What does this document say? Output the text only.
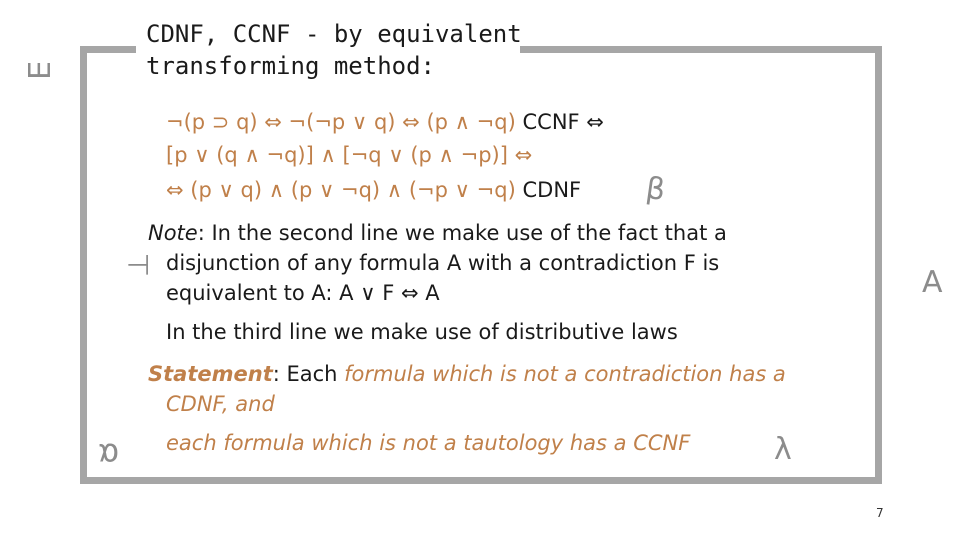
CDNF, CCNF - by equivalent
transforming method:
∃
∀
⊢
α
β
λ

¬(p ⊃ q) ⇔ ¬(¬p ∨ q) ⇔ (p ∧ ¬q) CCNF ⇔

[p ∨ (q ∧ ¬q)] ∧ [¬q ∨ (p ∧ ¬p)] ⇔

⇔ (p ∨ q) ∧ (p ∨ ¬q) ∧ (¬p ∨ ¬q) CDNF

Note: In the second line we make use of the fact that a

disjunction of any formula A with a contradiction F is

equivalent to A: A ∨ F ⇔ A

In the third line we make use of distributive laws

Statement: Each formula which is not a contradiction has a

CDNF, and

each formula which is not a tautology has a CCNF

7
